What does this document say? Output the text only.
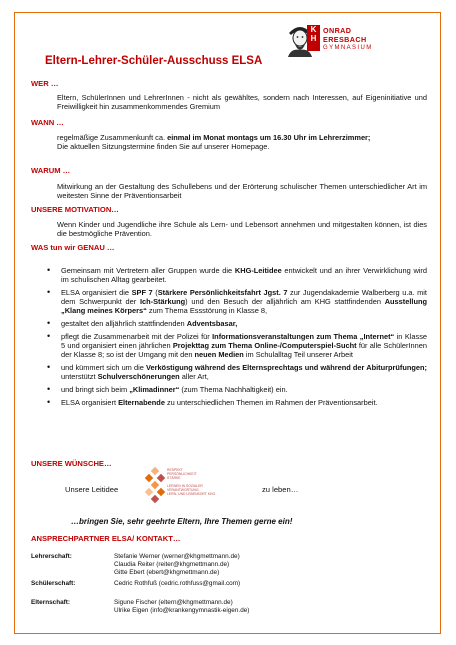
Eltern-Lehrer-Schüler-Ausschuss ELSA
K
H
ONRAD
ERESBACH
GYMNASIUM
WER …
Eltern, SchülerInnen und LehrerInnen - nicht als gewähltes, sondern nach Interessen, auf Eigeninitiative und Freiwilligkeit hin zusammenkommendes Gremium
WANN …
regelmäßige Zusammenkunft ca. einmal im Monat montags um 16.30 Uhr im Lehrerzimmer;
Die aktuellen Sitzungstermine finden Sie auf unserer Homepage.
WARUM …
Mitwirkung an der Gestaltung des Schullebens und der Erörterung schulischer Themen unterschiedlicher Art im weitesten Sinne der Präventionsarbeit
UNSERE MOTIVATION…
Wenn Kinder und Jugendliche ihre Schule als Lern- und Lebensort annehmen und mitgestalten können, ist dies die bestmögliche Prävention.
WAS tun wir GENAU …
• Gemeinsam mit Vertretern aller Gruppen wurde die KHG-Leitidee entwickelt und an ihrer Verwirklichung wird im schulischen Alltag gearbeitet.
• ELSA organisiert die SPF 7 (Stärkere Persönlichkeitsfahrt Jgst. 7 zur Jugendakademie Walberberg u.a. mit dem Schwerpunkt der Ich-Stärkung) und den Besuch der alljährlich am KHG stattfindenden Ausstellung „Klang meines Körpers“ zum Thema Essstörung in Klasse 8,
• gestaltet den alljährlich stattfindenden Adventsbasar,
• pflegt die Zusammenarbeit mit der Polizei für Informationsveranstaltungen zum Thema „Internet“ in Klasse 5 und organisiert einen jährlichen Projekttag zum Thema Online-/Computerspiel-Sucht für alle SchülerInnen der Klasse 8; so ist der Umgang mit den neuen Medien im Schulalltag Teil unserer Arbeit
• und kümmert sich um die Verköstigung während des Elternsprechtags und während der Abiturprüfungen; unterstützt Schulverschönerungen aller Art,
• und bringt sich beim „Klimadinner“ (zum Thema Nachhaltigkeit) ein.
• ELSA organisiert Elternabende zu unterschiedlichen Themen im Rahmen der Präventionsarbeit.
UNSERE WÜNSCHE…
Unsere Leitidee
RESPEKT
PERSÖNLICHKEIT
STÄRKE
LERNEN IN SOZIALER
VERANTWORTUNG.
LERN- UND LEBENSORT KHG.	zu leben…
…bringen Sie, sehr geehrte Eltern, Ihre Themen gerne ein!
ANSPRECHPARTNER ELSA/ KONTAKT…
Lehrerschaft:	Stefanie Werner (werner@khgmettmann.de)
Claudia Reiter (reiter@khgmettmann.de)
Gitte Ebert (ebert@khgmettmann.de)
Schülerschaft:	Cedric Rothfuß (cedric.rothfuss@gmail.com)
Elternschaft:	Sigune Fischer (eltern@khgmettmann.de)
Ulrike Eigen (info@krankengymnastik-eigen.de)
